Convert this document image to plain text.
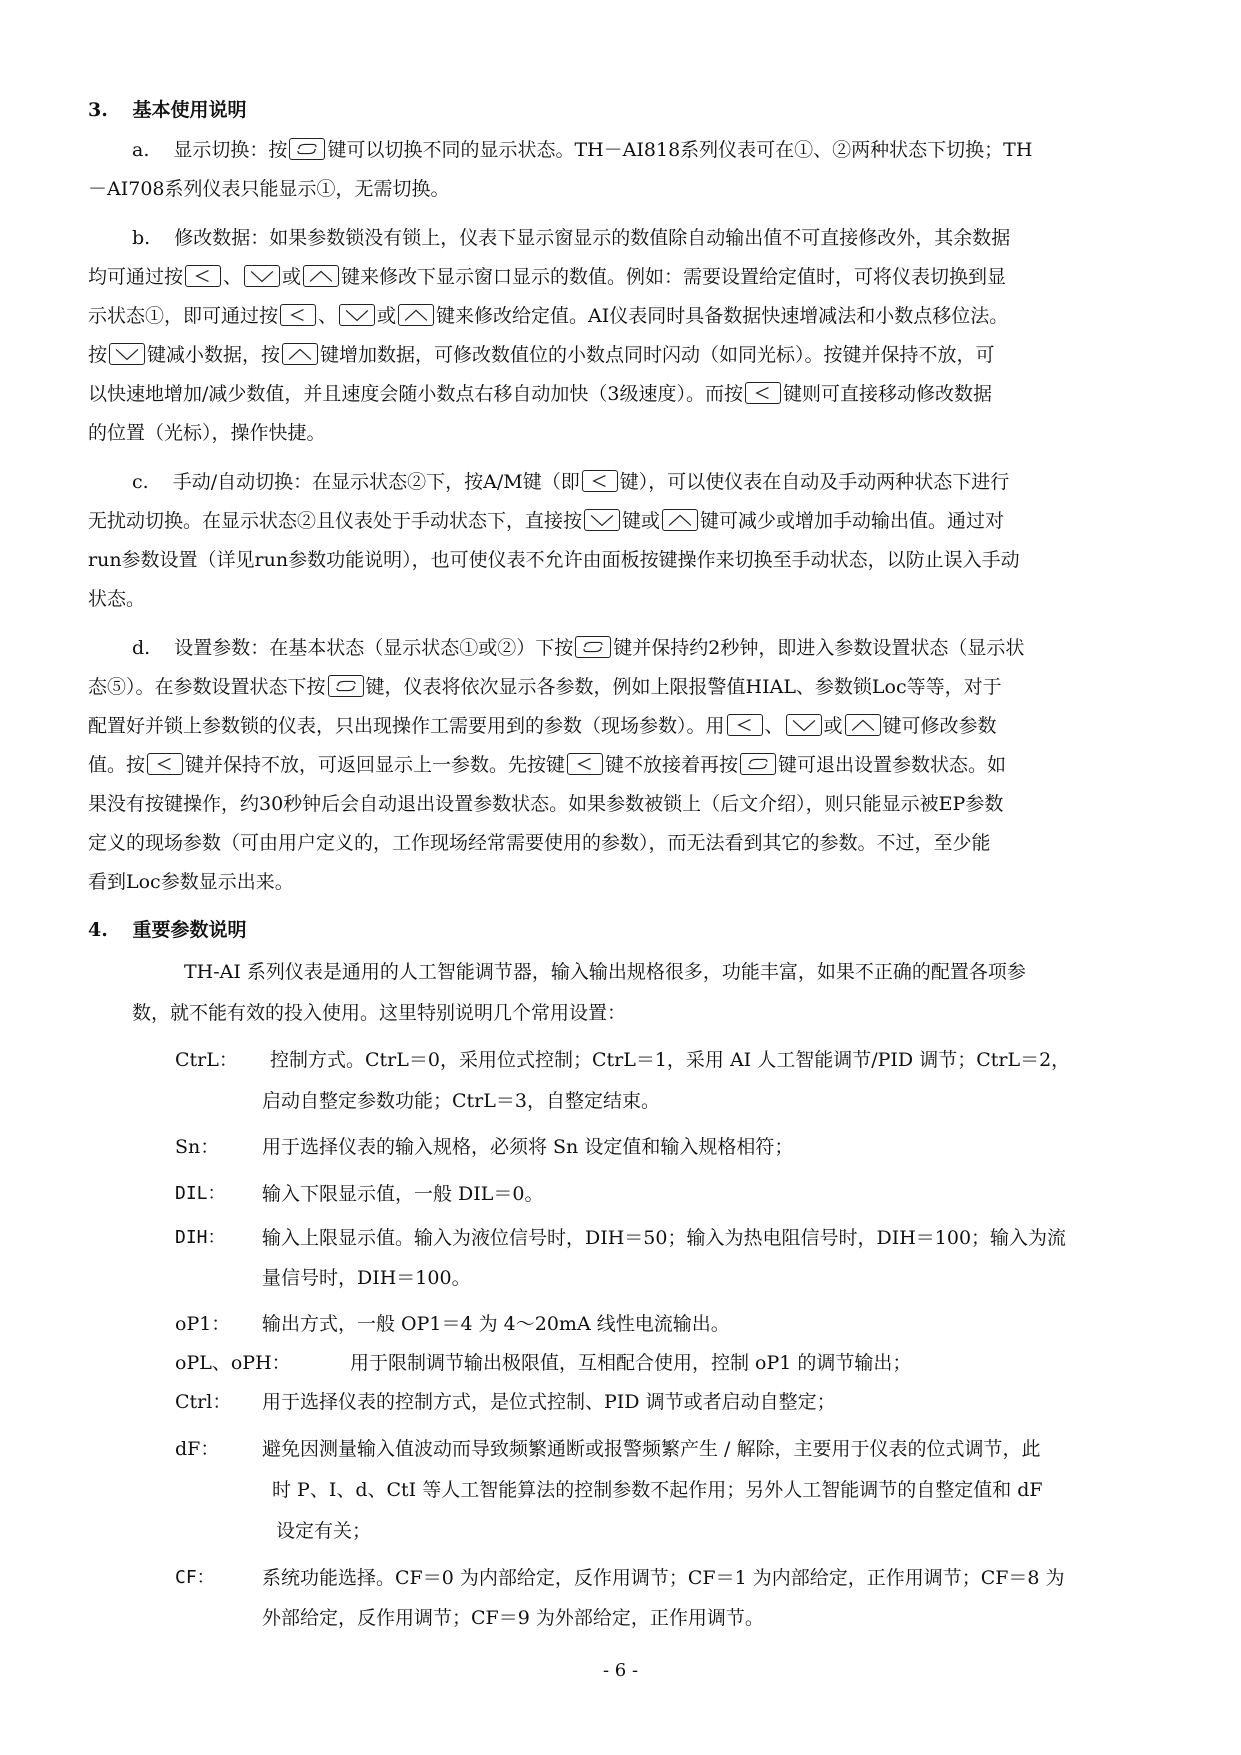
3. 基本使用说明
a. 显示切换：按 键可以切换不同的显示状态。TH－AI818系列仪表可在①、②两种状态下切换；TH
－AI708系列仪表只能显示①，无需切换。
b. 修改数据：如果参数锁没有锁上，仪表下显示窗显示的数值除自动输出值不可直接修改外，其余数据
均可通过按 、 或 键来修改下显示窗口显示的数值。例如：需要设置给定值时，可将仪表切换到显
示状态①，即可通过按 、 或 键来修改给定值。AI仪表同时具备数据快速增减法和小数点移位法。
按 键减小数据，按 键增加数据，可修改数值位的小数点同时闪动（如同光标）。按键并保持不放，可
以快速地增加/减少数值，并且速度会随小数点右移自动加快（3级速度）。而按 键则可直接移动修改数据
的位置（光标），操作快捷。
c. 手动/自动切换：在显示状态②下，按A/M键（即 键），可以使仪表在自动及手动两种状态下进行
无扰动切换。在显示状态②且仪表处于手动状态下，直接按 键或 键可减少或增加手动输出值。通过对
run参数设置（详见run参数功能说明），也可使仪表不允许由面板按键操作来切换至手动状态，以防止误入手动
状态。
d. 设置参数：在基本状态（显示状态①或②）下按 键并保持约2秒钟，即进入参数设置状态（显示状
态⑤）。在参数设置状态下按 键，仪表将依次显示各参数，例如上限报警值HIAL、参数锁Loc等等，对于
配置好并锁上参数锁的仪表，只出现操作工需要用到的参数（现场参数）。用 、 或 键可修改参数
值。按 键并保持不放，可返回显示上一参数。先按键 键不放接着再按 键可退出设置参数状态。如
果没有按键操作，约30秒钟后会自动退出设置参数状态。如果参数被锁上（后文介绍），则只能显示被EP参数
定义的现场参数（可由用户定义的，工作现场经常需要使用的参数），而无法看到其它的参数。不过，至少能
看到Loc参数显示出来。
4. 重要参数说明
TH-AI 系列仪表是通用的人工智能调节器，输入输出规格很多，功能丰富，如果不正确的配置各项参
数，就不能有效的投入使用。这里特别说明几个常用设置：
CtrL： 控制方式。CtrL＝0，采用位式控制；CtrL＝1，采用 AI 人工智能调节/PID 调节；CtrL＝2，
启动自整定参数功能；CtrL＝3，自整定结束。
Sn： 用于选择仪表的输入规格，必须将 Sn 设定值和输入规格相符；
DIL： 输入下限显示值，一般 DIL＝0。
DIH： 输入上限显示值。输入为液位信号时，DIH＝50；输入为热电阻信号时，DIH＝100；输入为流
量信号时，DIH＝100。
oP1： 输出方式，一般 OP1＝4 为 4～20mA 线性电流输出。
oPL、oPH：	用于限制调节输出极限值，互相配合使用，控制 oP1 的调节输出；
Ctrl： 用于选择仪表的控制方式，是位式控制、PID 调节或者启动自整定；
dF： 避免因测量输入值波动而导致频繁通断或报警频繁产生 / 解除，主要用于仪表的位式调节，此
时 P、I、d、CtI 等人工智能算法的控制参数不起作用；另外人工智能调节的自整定值和 dF
设定有关；
CF： 系统功能选择。CF＝0 为内部给定，反作用调节；CF＝1 为内部给定，正作用调节；CF＝8 为
外部给定，反作用调节；CF＝9 为外部给定，正作用调节。
- 6 -
